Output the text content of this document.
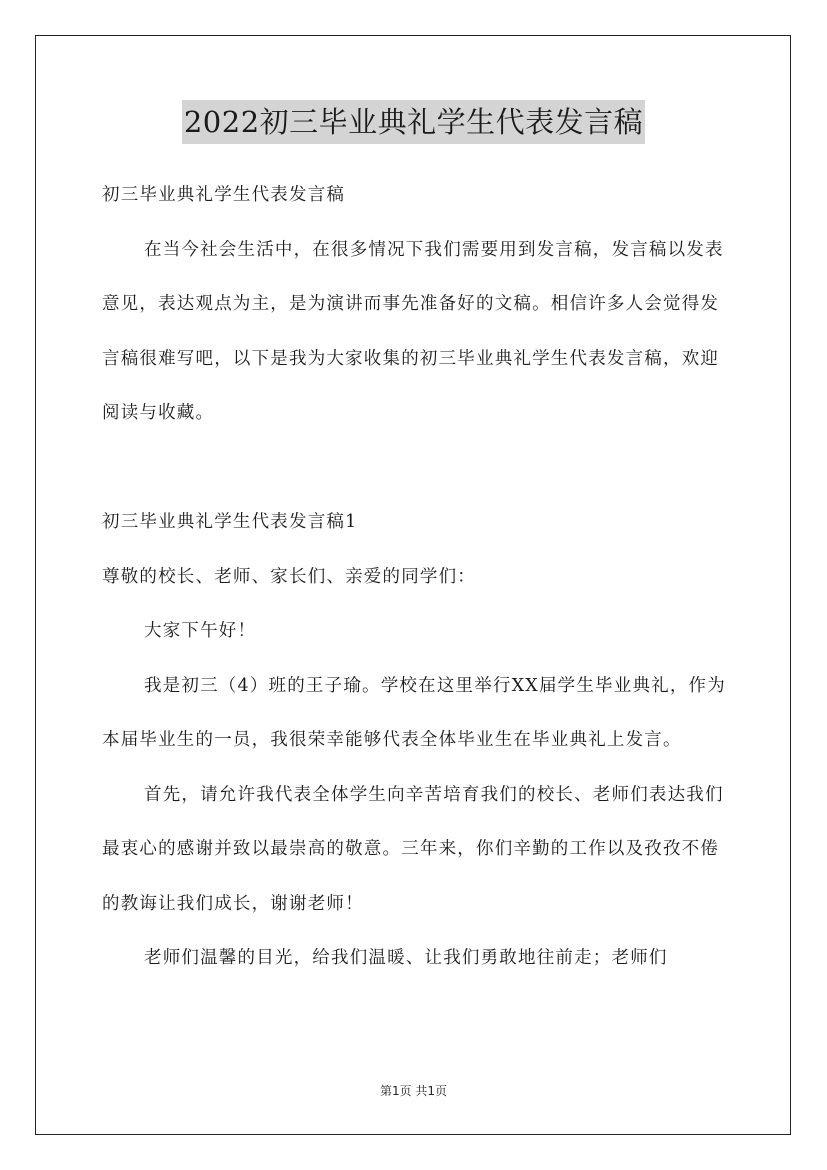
2022初三毕业典礼学生代表发言稿

初三毕业典礼学生代表发言稿

在当今社会生活中，在很多情况下我们需要用到发言稿，发言稿以发表意见，表达观点为主，是为演讲而事先准备好的文稿。相信许多人会觉得发言稿很难写吧，以下是我为大家收集的初三毕业典礼学生代表发言稿，欢迎阅读与收藏。

初三毕业典礼学生代表发言稿1

尊敬的校长、老师、家长们、亲爱的同学们：

大家下午好！

我是初三（4）班的王子瑜。学校在这里举行XX届学生毕业典礼，作为本届毕业生的一员，我很荣幸能够代表全体毕业生在毕业典礼上发言。

首先，请允许我代表全体学生向辛苦培育我们的校长、老师们表达我们最衷心的感谢并致以最崇高的敬意。三年来，你们辛勤的工作以及孜孜不倦的教诲让我们成长，谢谢老师！

老师们温馨的目光，给我们温暖、让我们勇敢地往前走；老师们

第1页 共1页
